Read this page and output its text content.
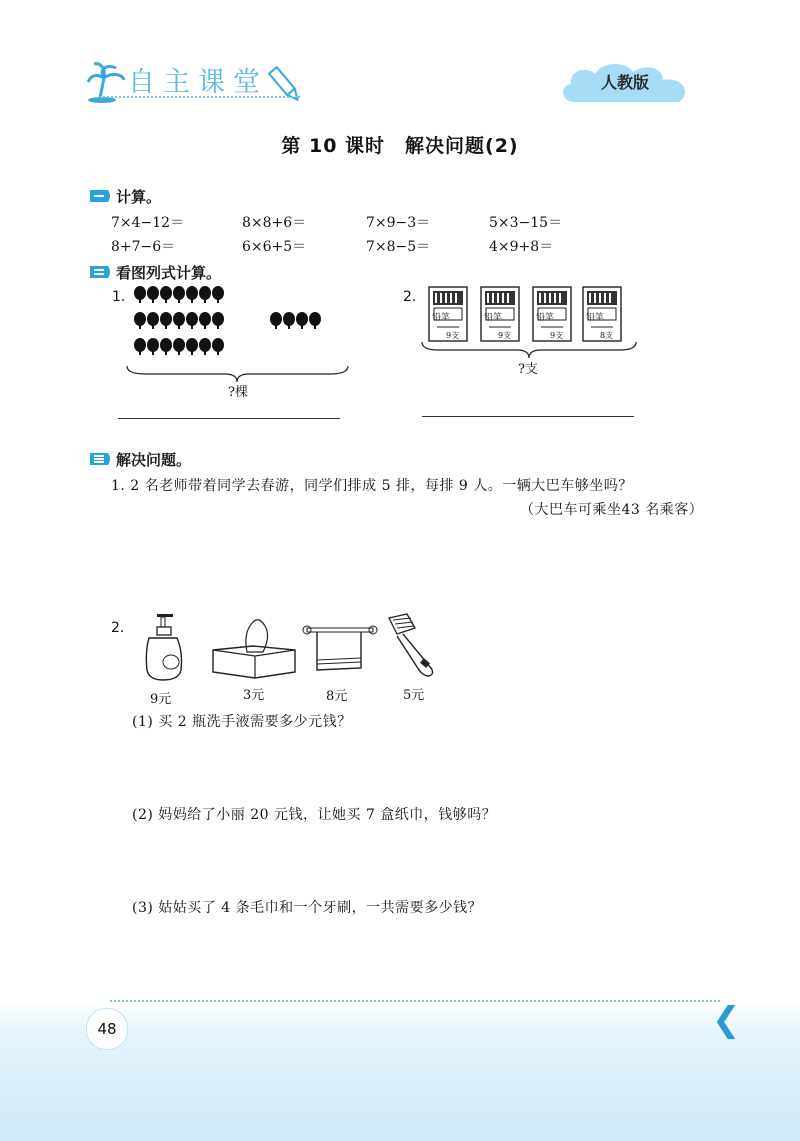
自主课堂	人教版
第 10 课时　解决问题(2)
计算。
7×4−12＝	8×8+6＝	7×9−3＝	5×3−15＝
8+7−6＝	6×6+5＝	7×8−5＝	4×9+8＝
看图列式计算。
1.
?棵
2.
铅笔	铅笔	铅笔	铅笔
9支	9支	9支	8支
?支
解决问题。
1. 2 名老师带着同学去春游，同学们排成 5 排，每排 9 人。一辆大巴车够坐吗？
（大巴车可乘坐43 名乘客）
2.
9元	3元	8元	5元
(1) 买 2 瓶洗手液需要多少元钱？
(2) 妈妈给了小丽 20 元钱，让她买 7 盒纸巾，钱够吗？
(3) 姑姑买了 4 条毛巾和一个牙刷，一共需要多少钱？
48	❮
